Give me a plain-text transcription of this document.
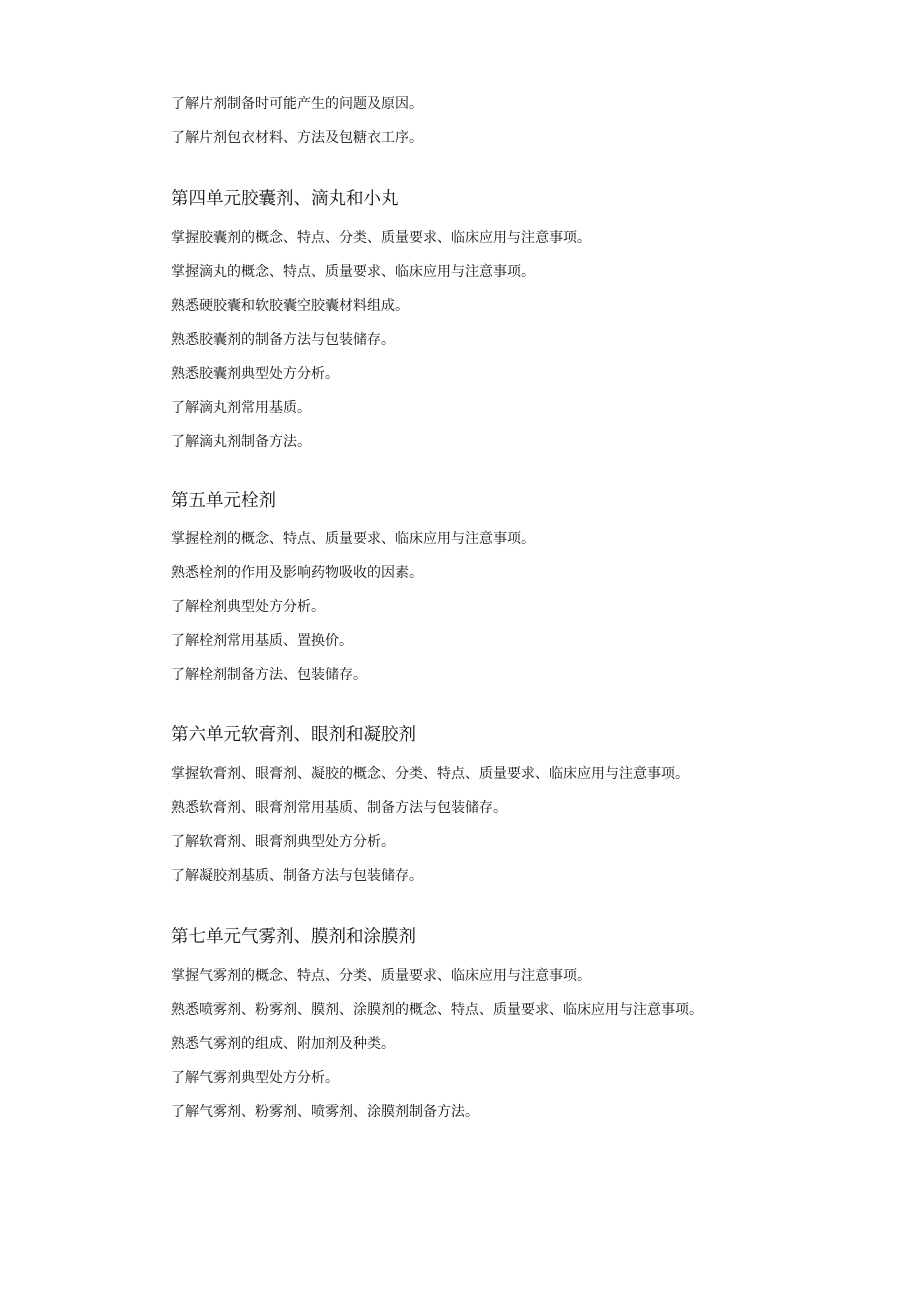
了解片剂制备时可能产生的问题及原因。
了解片剂包衣材料、方法及包糖衣工序。
第四单元胶囊剂、滴丸和小丸
掌握胶囊剂的概念、特点、分类、质量要求、临床应用与注意事项。
掌握滴丸的概念、特点、质量要求、临床应用与注意事项。
熟悉硬胶囊和软胶囊空胶囊材料组成。
熟悉胶囊剂的制备方法与包装储存。
熟悉胶囊剂典型处方分析。
了解滴丸剂常用基质。
了解滴丸剂制备方法。
第五单元栓剂
掌握栓剂的概念、特点、质量要求、临床应用与注意事项。
熟悉栓剂的作用及影响药物吸收的因素。
了解栓剂典型处方分析。
了解栓剂常用基质、置换价。
了解栓剂制备方法、包装储存。
第六单元软膏剂、眼剂和凝胶剂
掌握软膏剂、眼膏剂、凝胶的概念、分类、特点、质量要求、临床应用与注意事项。
熟悉软膏剂、眼膏剂常用基质、制备方法与包装储存。
了解软膏剂、眼膏剂典型处方分析。
了解凝胶剂基质、制备方法与包装储存。
第七单元气雾剂、膜剂和涂膜剂
掌握气雾剂的概念、特点、分类、质量要求、临床应用与注意事项。
熟悉喷雾剂、粉雾剂、膜剂、涂膜剂的概念、特点、质量要求、临床应用与注意事项。
熟悉气雾剂的组成、附加剂及种类。
了解气雾剂典型处方分析。
了解气雾剂、粉雾剂、喷雾剂、涂膜剂制备方法。
